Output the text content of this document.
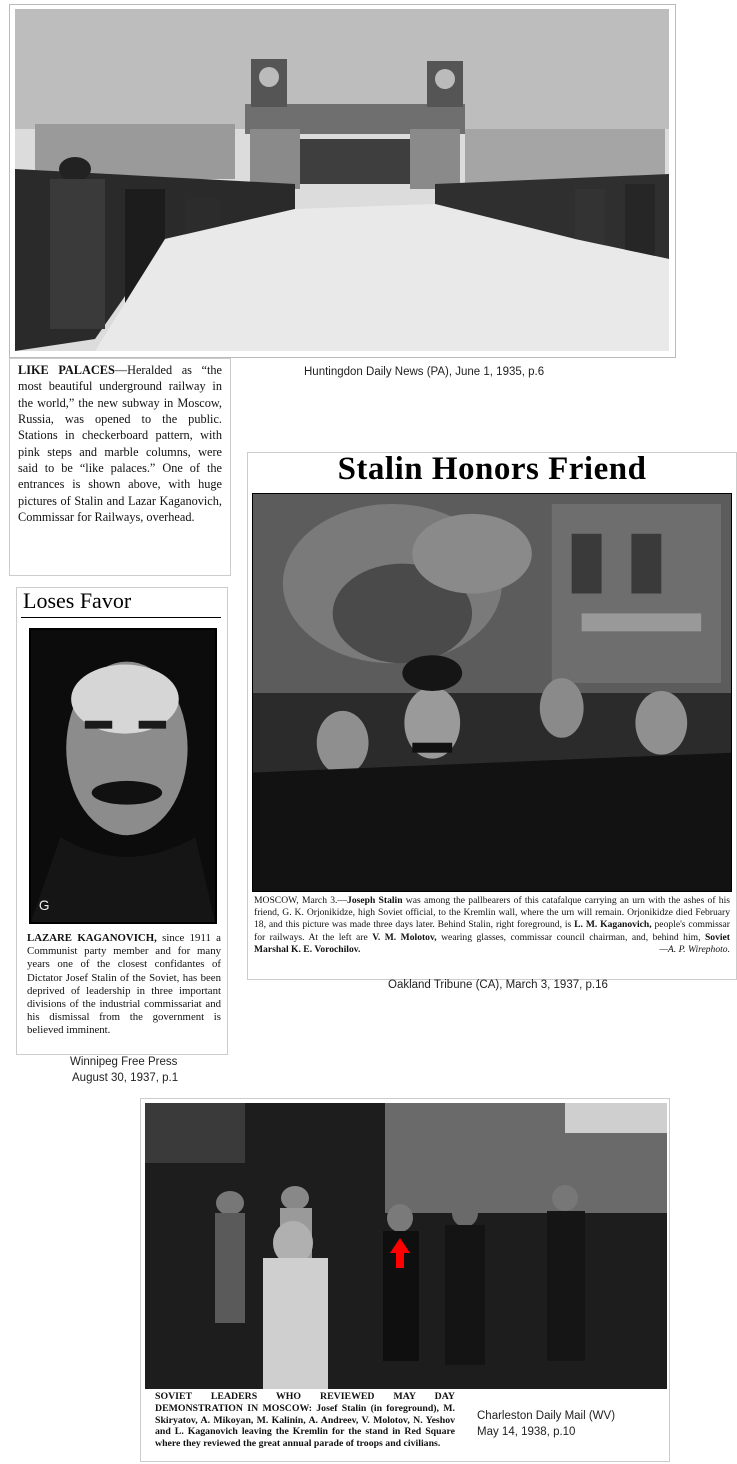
LIKE PALACES—Heralded as “the most beautiful underground railway in the world,” the new subway in Moscow, Russia, was opened to the public. Stations in checkerboard pattern, with pink steps and marble columns, were said to be “like palaces.” One of the entrances is shown above, with huge pictures of Stalin and Lazar Kaganovich, Commissar for Railways, overhead.
Huntingdon Daily News (PA), June 1, 1935, p.6
Loses Favor
G
LAZARE KAGANOVICH, since 1911 a Communist party member and for many years one of the closest confidantes of Dictator Josef Stalin of the Soviet, has been deprived of leadership in three important divisions of the industrial commissariat and his dismissal from the government is believed imminent.
Winnipeg Free Press
August 30, 1937, p.1
Stalin Honors Friend
MOSCOW, March 3.—Joseph Stalin was among the pallbearers of this catafalque carrying an urn with the ashes of his friend, G. K. Orjonikidze, high Soviet official, to the Kremlin wall, where the urn will remain. Orjonikidze died February 18, and this picture was made three days later. Behind Stalin, right foreground, is L. M. Kaganovich, people's commissar for railways. At the left are V. M. Molotov, wearing glasses, commissar council chairman, and, behind him, Soviet Marshal K. E. Vorochilov.	—A. P. Wirephoto.
Oakland Tribune (CA), March 3, 1937, p.16
SOVIET LEADERS WHO REVIEWED MAY DAY DEMONSTRATION IN MOSCOW: Josef Stalin (in foreground), M. Skiryatov, A. Mikoyan, M. Kalinin, A. Andreev, V. Molotov, N. Yeshov and L. Kaganovich leaving the Kremlin for the stand in Red Square where they reviewed the great annual parade of troops and civilians.
Charleston Daily Mail (WV)
May 14, 1938, p.10
